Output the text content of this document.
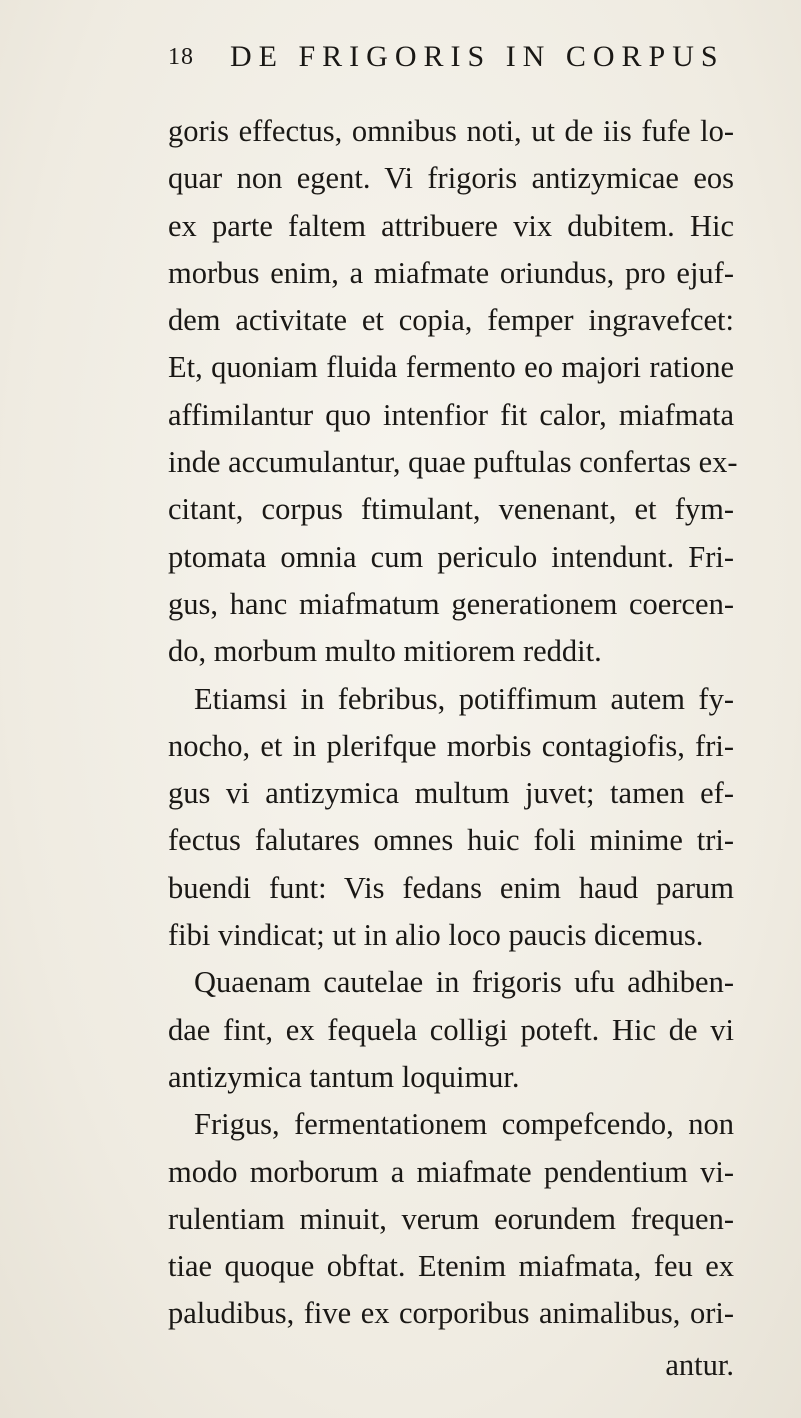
18 DE FRIGORIS IN CORPUS
goris effectus, omnibus noti, ut de iis fufe lo-
quar non egent. Vi frigoris antizymicae eos
ex parte faltem attribuere vix dubitem. Hic
morbus enim, a miafmate oriundus, pro ejuf-
dem activitate et copia, femper ingravefcet:
Et, quoniam fluida fermento eo majori ratione
affimilantur quo intenfior fit calor, miafmata
inde accumulantur, quae puftulas confertas ex-
citant, corpus ftimulant, venenant, et fym-
ptomata omnia cum periculo intendunt. Fri-
gus, hanc miafmatum generationem coercen-
do, morbum multo mitiorem reddit.
Etiamsi in febribus, potiffimum autem fy-
nocho, et in plerifque morbis contagiofis, fri-
gus vi antizymica multum juvet; tamen ef-
fectus falutares omnes huic foli minime tri-
buendi funt: Vis fedans enim haud parum
fibi vindicat; ut in alio loco paucis dicemus.
Quaenam cautelae in frigoris ufu adhiben-
dae fint, ex fequela colligi poteft. Hic de vi
antizymica tantum loquimur.
Frigus, fermentationem compefcendo, non
modo morborum a miafmate pendentium vi-
rulentiam minuit, verum eorundem frequen-
tiae quoque obftat. Etenim miafmata, feu ex
paludibus, five ex corporibus animalibus, ori-
antur.
